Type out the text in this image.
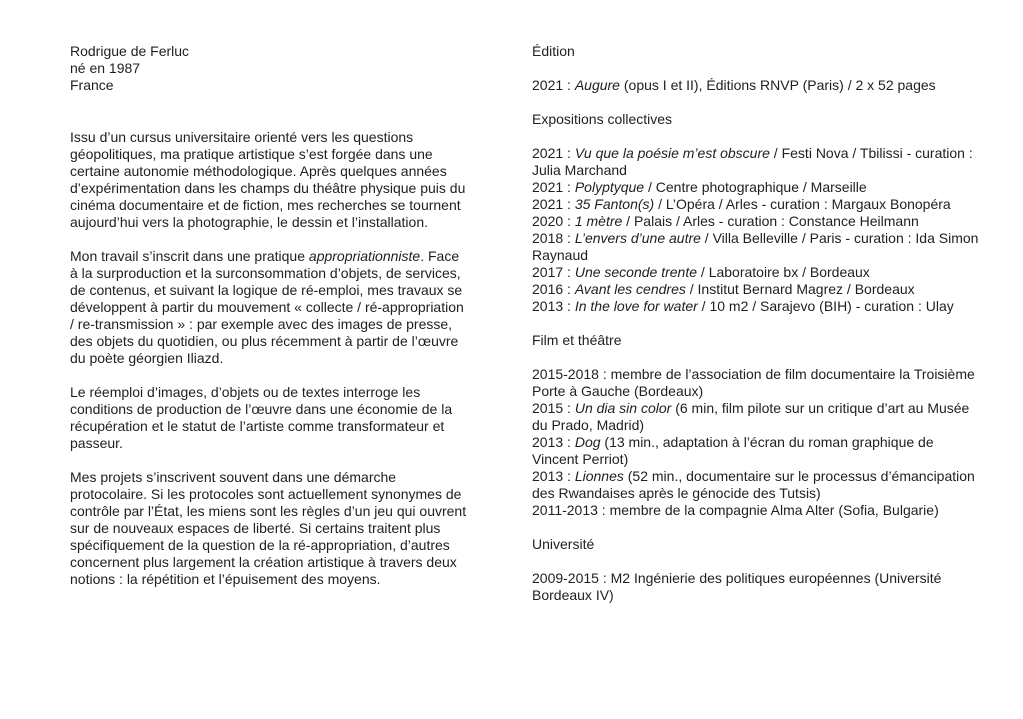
Rodrigue de Ferluc
né en 1987
France
Issu d’un cursus universitaire orienté vers les questions géopolitiques, ma pratique artistique s’est forgée dans une certaine autonomie méthodologique. Après quelques années d’expérimentation dans les champs du théâtre physique puis du cinéma documentaire et de fiction, mes recherches se tournent aujourd’hui vers la photographie, le dessin et l’installation.
Mon travail s’inscrit dans une pratique appropriationniste. Face à la surproduction et la surconsommation d’objets, de services, de contenus, et suivant la logique de ré-emploi, mes travaux se développent à partir du mouvement « collecte / ré-appropriation / re-transmission » : par exemple avec des images de presse, des objets du quotidien, ou plus récemment à partir de l’œuvre du poète géorgien Iliazd.
Le réemploi d’images, d’objets ou de textes interroge les conditions de production de l’œuvre dans une économie de la récupération et le statut de l’artiste comme transformateur et passeur.
Mes projets s’inscrivent souvent dans une démarche protocolaire. Si les protocoles sont actuellement synonymes de contrôle par l’État, les miens sont les règles d’un jeu qui ouvrent sur de nouveaux espaces de liberté. Si certains traitent plus spécifiquement de la question de la ré-appropriation, d’autres concernent plus largement la création artistique à travers deux notions : la répétition et l’épuisement des moyens.
Édition
2021 : Augure (opus I et II), Éditions RNVP (Paris) / 2 x 52 pages
Expositions collectives
2021 : Vu que la poésie m’est obscure / Festi Nova / Tbilissi - curation : Julia Marchand
2021 : Polyptyque / Centre photographique / Marseille
2021 : 35 Fanton(s) / L’Opéra / Arles - curation : Margaux Bonopéra
2020 : 1 mètre / Palais / Arles - curation : Constance Heilmann
2018 : L’envers d’une autre / Villa Belleville / Paris - curation : Ida Simon Raynaud
2017 : Une seconde trente / Laboratoire bx / Bordeaux
2016 : Avant les cendres / Institut Bernard Magrez / Bordeaux
2013 : In the love for water / 10 m2 / Sarajevo (BIH) - curation : Ulay
Film et théâtre
2015-2018 : membre de l’association de film documentaire la Troisième Porte à Gauche (Bordeaux)
2015 : Un dia sin color (6 min, film pilote sur un critique d’art au Musée du Prado, Madrid)
2013 : Dog (13 min., adaptation à l’écran du roman graphique de Vincent Perriot)
2013 : Lionnes (52 min., documentaire sur le processus d’émancipation des Rwandaises après le génocide des Tutsis)
2011-2013 : membre de la compagnie Alma Alter (Sofia, Bulgarie)
Université
2009-2015 : M2 Ingénierie des politiques européennes (Université Bordeaux IV)
